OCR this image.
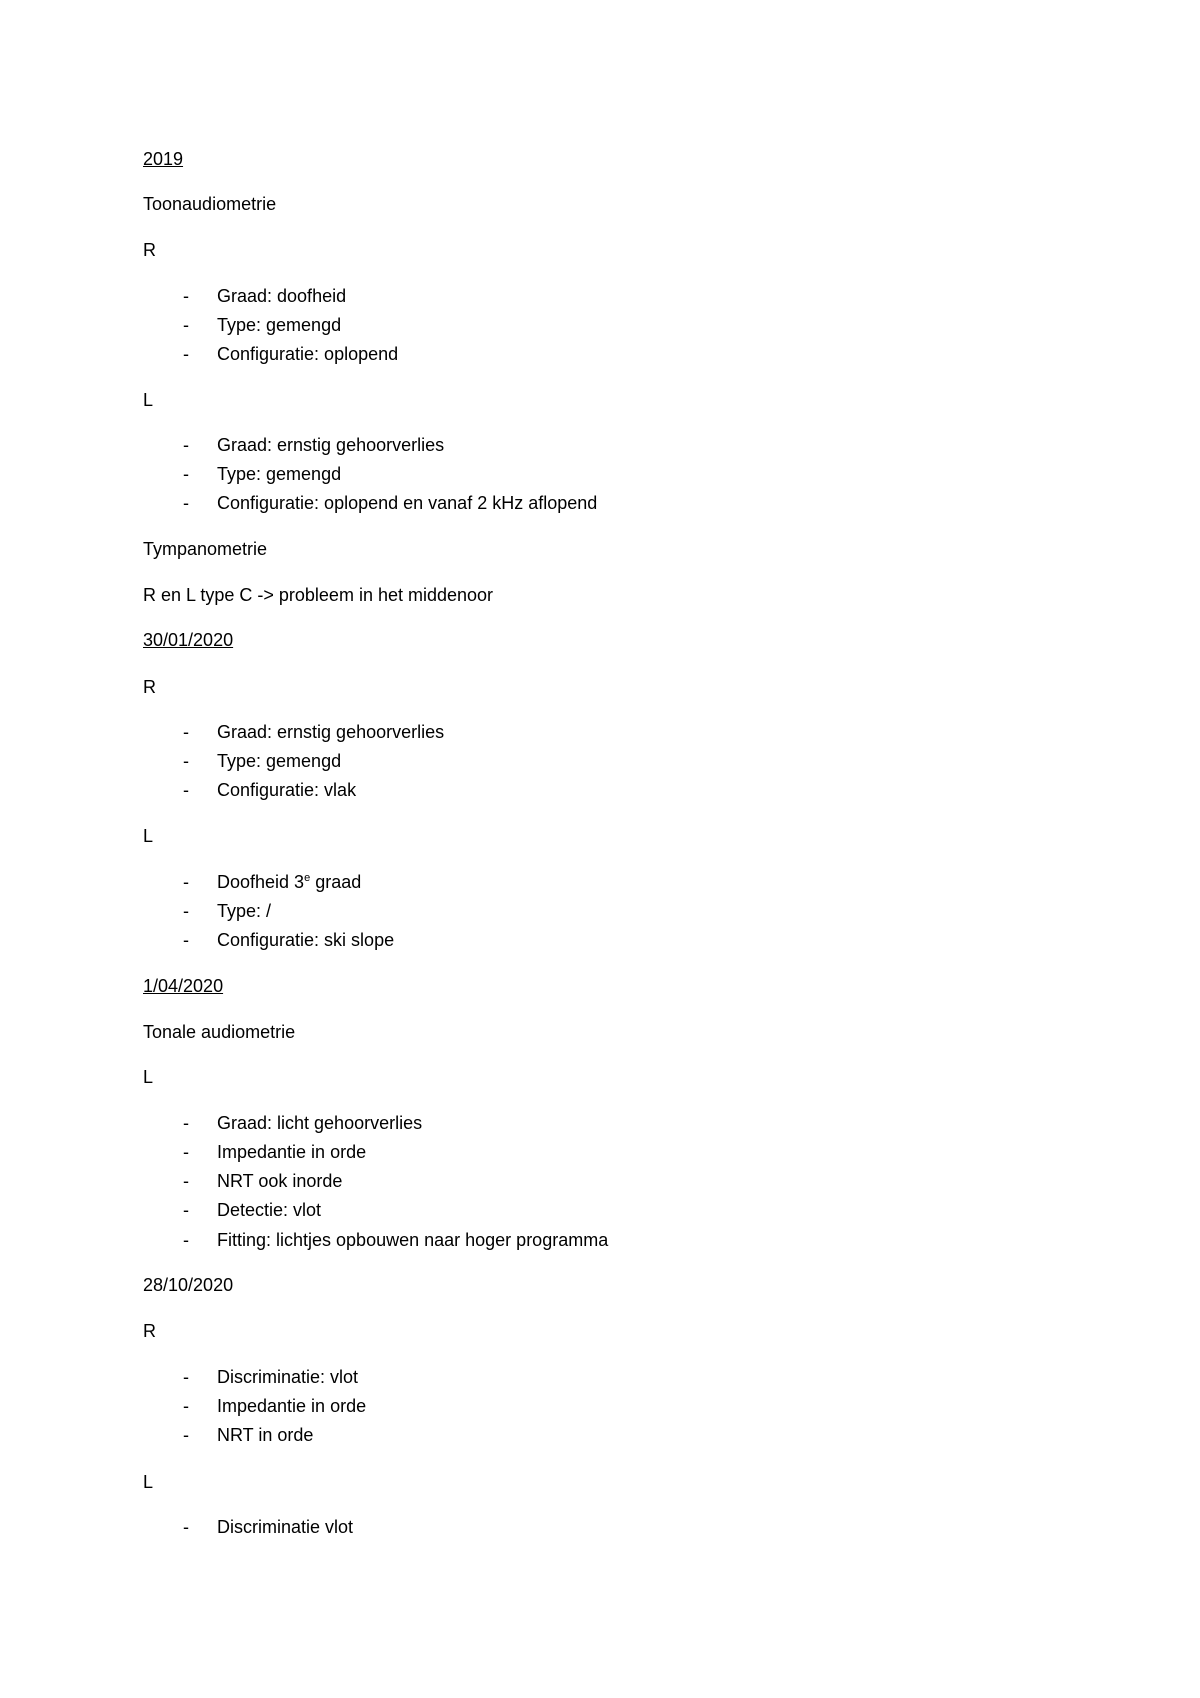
2019
Toonaudiometrie
R
- Graad: doofheid
- Type: gemengd
- Configuratie: oplopend
L
- Graad: ernstig gehoorverlies
- Type: gemengd
- Configuratie: oplopend en vanaf 2 kHz aflopend
Tympanometrie
R en L type C -> probleem in het middenoor
30/01/2020
R
- Graad: ernstig gehoorverlies
- Type: gemengd
- Configuratie: vlak
L
- Doofheid 3e graad
- Type: /
- Configuratie: ski slope
1/04/2020
Tonale audiometrie
L
- Graad: licht gehoorverlies
- Impedantie in orde
- NRT ook inorde
- Detectie: vlot
- Fitting: lichtjes opbouwen naar hoger programma
28/10/2020
R
- Discriminatie: vlot
- Impedantie in orde
- NRT in orde
L
- Discriminatie vlot
